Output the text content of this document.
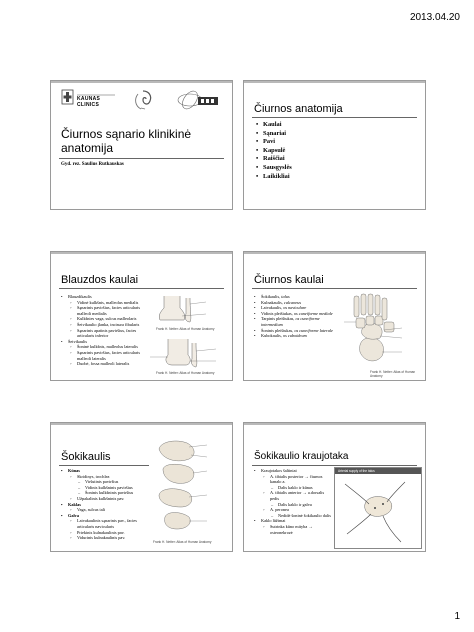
2013.04.20
KAUNAS
CLINICS
Čiurnos sąnario klinikinė anatomija
Gyd. rez. Saulius Rutkauskas
Čiurnos anatomija
• Kaulai
• Sąnariai
• Pavi
• Kapsulė
• Raiščiai
• Sausgyslės
• Laikikliai
Blauzdos kaulai
• Blauzdikaulis
◦ Vidinė kulkšnis, malleolus medialis
◦ Sąnarinis paviršius, facies articularis malleoli medialis
◦ Kulkšnies vaga, sulcus malleolaris
◦ Šeivikaulio įlanka, incisura fibularis
◦ Sąnarinis apatinis paviršius, facies articularis inferior
• Šeivikaulis
◦ Šoninė kulkšnis, malleolus lateralis
◦ Sąnarinis paviršius, facies articularis malleoli lateralis
◦ Duobė, fossa malleoli lateralis
Frank H. Netter: Atlas of Human Anatomy
Frank H. Netter: Atlas of Human Anatomy
Čiurnos kaulai
• Šokikaulis, talus
• Kulnakaulis, calcaneus
• Laivakaulis, os naviculare
• Vidinis pleištukas, os cuneiforme mediale
• Tarpinis pleištukas, os cuneiforme intermedium
• Šoninis pleištukas, os cuneiforme laterale
• Kubokaulis, os cuboideum
Frank H. Netter: Atlas of Human Anatomy
Šokikaulis
• Kūnas
◦ Skridinys, trochlea
– Viršutinis paviršius
– Vidinis kulkšninis paviršius
– Šoninis kulkšninis paviršius
◦ Užpakalinis kulkšninis pav.
• Kaklas
◦ Vaga, sulcus tali
• Galva
◦ Laivakaulinis sąnarinis pav., facies articularis navicularis
◦ Priekinis kulnakaulinis pav.
◦ Vidurinis kulnakaulinis pav.
Frank H. Netter: Atlas of Human Anatomy
Šokikaulio kraujotaka
• Kraujotakos šaltiniai
◦ A. tibialis posterior → čiurnos kanalo a.
– Dalis kaklo ir kūnas
◦ A. tibialis anterior → a.dorsalis pedis
– Dalis kaklo ir galva
◦ A. peronea
– Nedidė šoninė šokikaulio dalis
• Kaklo lūžimai
◦ Sutrinka kūno mityba → osteonekrozė
Arterial supply of the talus
1
